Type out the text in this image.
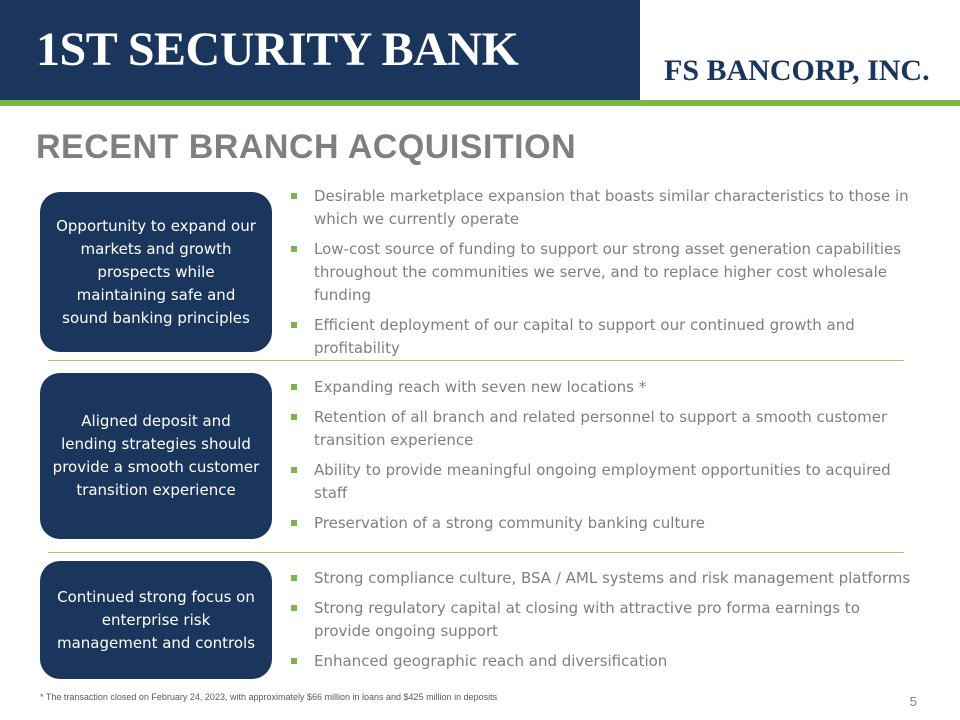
1ST SECURITY BANK	FS BANCORP, INC.
RECENT BRANCH ACQUISITION
Opportunity to expand our markets and growth prospects while maintaining safe and sound banking principles
Desirable marketplace expansion that boasts similar characteristics to those in which we currently operate
Low-cost source of funding to support our strong asset generation capabilities throughout the communities we serve, and to replace higher cost wholesale funding
Efficient deployment of our capital to support our continued growth and profitability
Aligned deposit and lending strategies should provide a smooth customer transition experience
Expanding reach with seven new locations *
Retention of all branch and related personnel to support a smooth customer transition experience
Ability to provide meaningful ongoing employment opportunities to acquired staff
Preservation of a strong community banking culture
Continued strong focus on enterprise risk management and controls
Strong compliance culture, BSA / AML systems and risk management platforms
Strong regulatory capital at closing with attractive pro forma earnings to provide ongoing support
Enhanced geographic reach and diversification
* The transaction closed on February 24, 2023, with approximately $66 million in loans and $425 million in deposits	5
